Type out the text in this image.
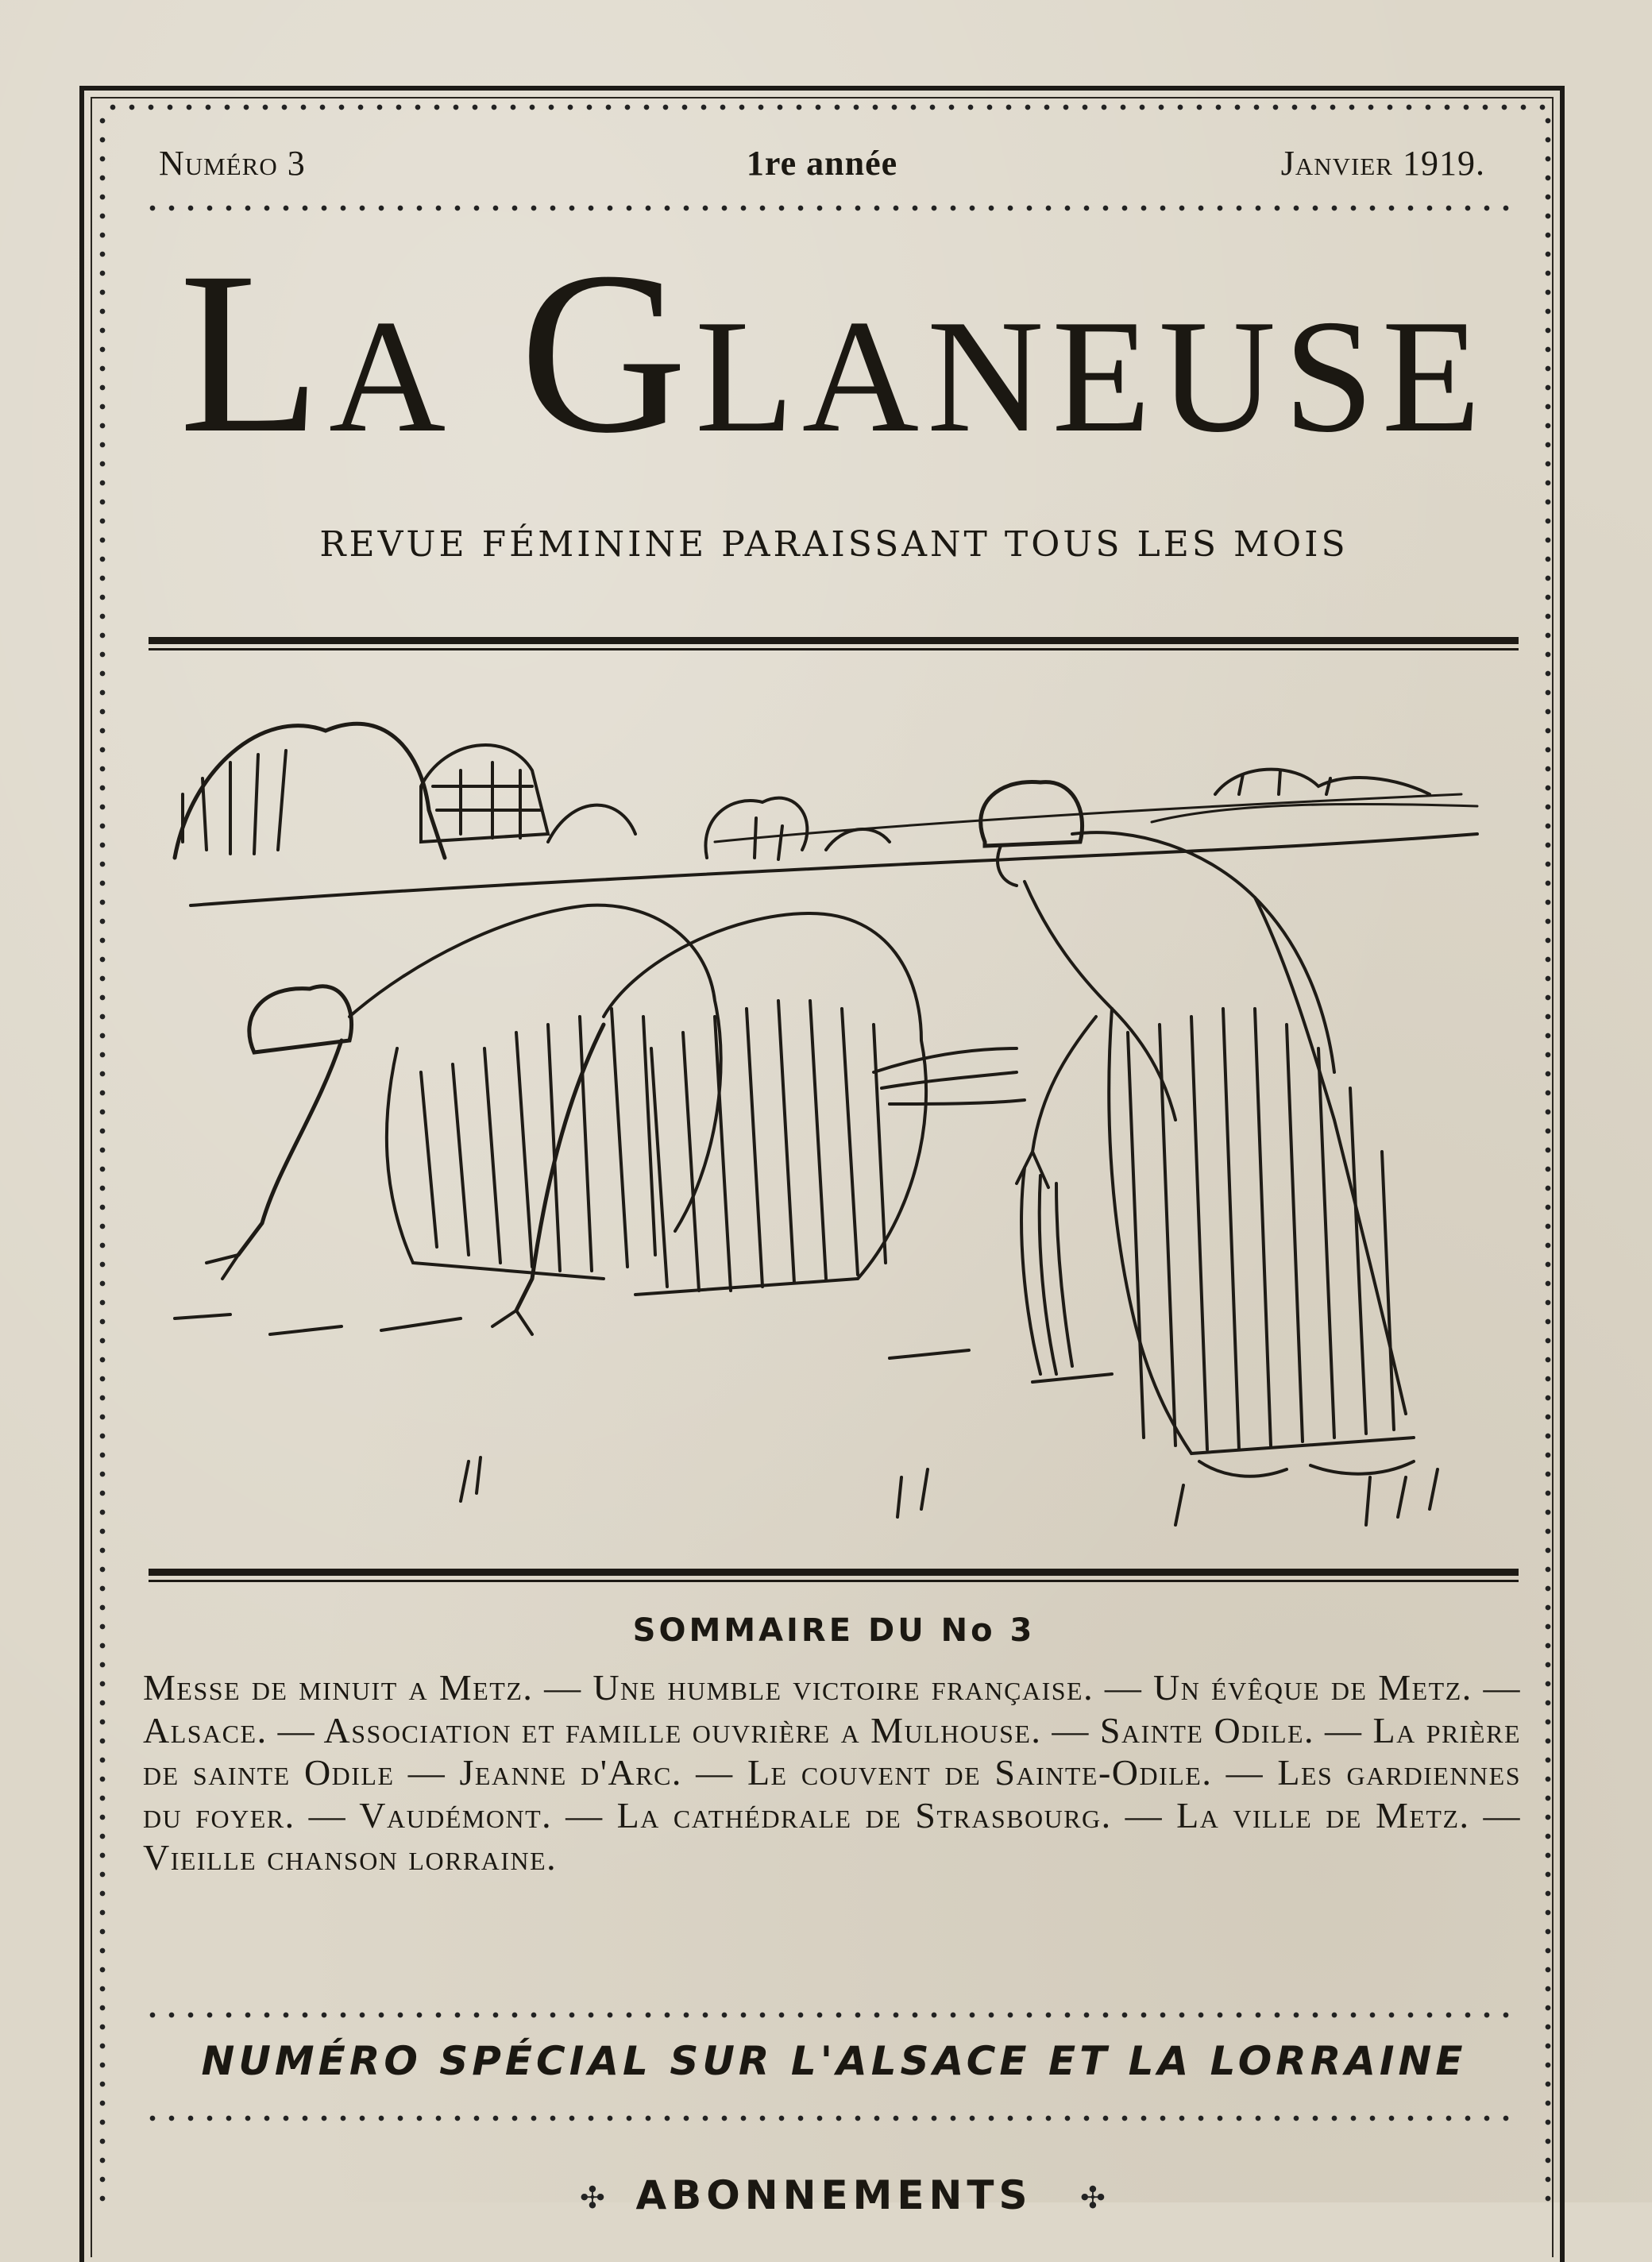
Numéro 3	1re année	Janvier 1919.
La Glaneuse
REVUE FÉMININE PARAISSANT TOUS LES MOIS
SOMMAIRE DU No 3
Messe de minuit a Metz. — Une humble victoire française. — Un évêque de Metz. — Alsace. — Association et famille ouvrière a Mulhouse. — Sainte Odile. — La prière de sainte Odile — Jeanne d'Arc. — Le couvent de Sainte-Odile. — Les gardiennes du foyer. — Vaudémont. — La cathédrale de Strasbourg. — La ville de Metz. — Vieille chanson lorraine.
NUMÉRO SPÉCIAL SUR L'ALSACE ET LA LORRAINE
✣ ABONNEMENTS	✣
